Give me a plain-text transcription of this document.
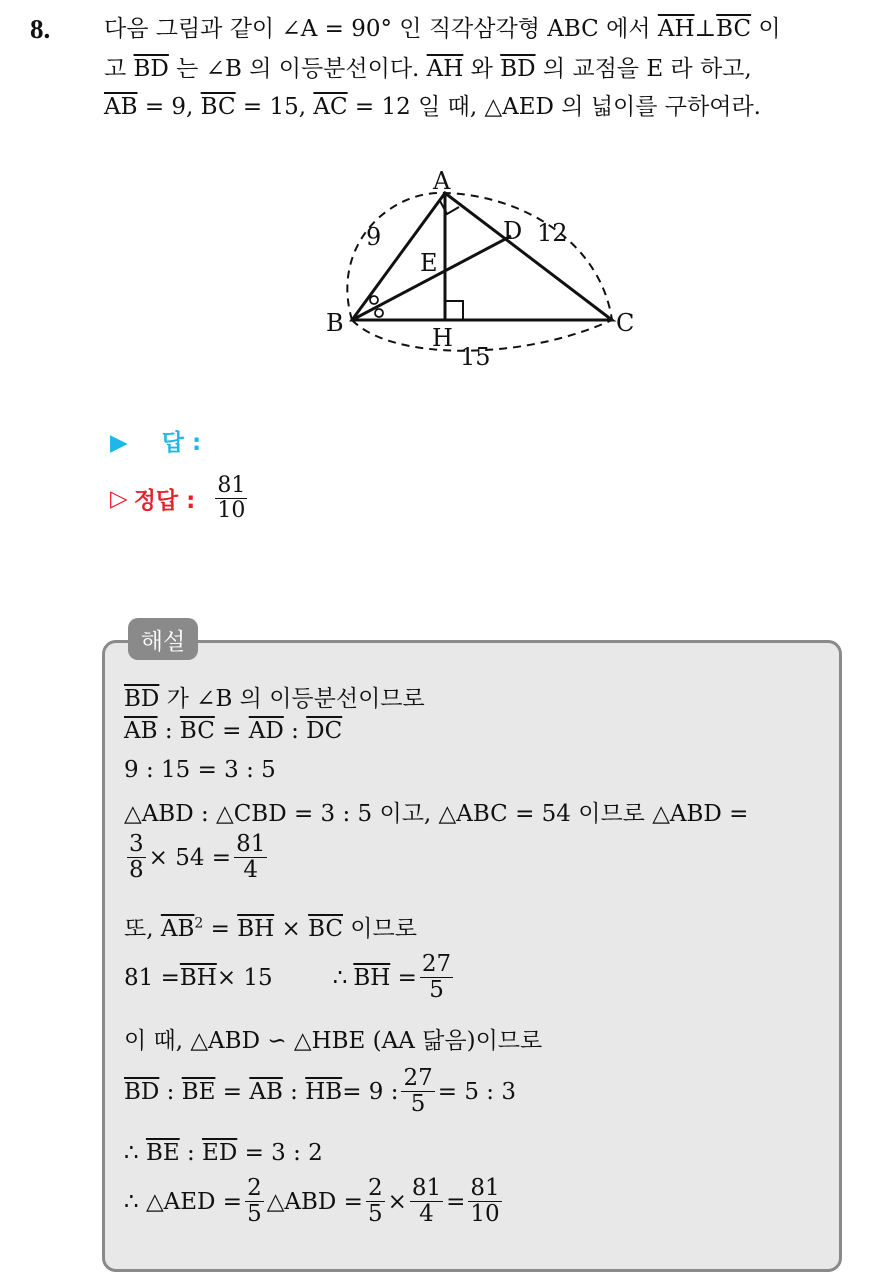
8. 다음 그림과 같이 ∠A = 90° 인 직각삼각형 ABC 에서 $\overline{AH}\perp\overline{BC}$ 이
고 $\overline{BD}$ 는 ∠B 의 이등분선이다. $\overline{AH}$ 와 $\overline{BD}$ 의 교점을 E 라 하고,
$\overline{AB} = 9$, $\overline{BC} = 15$, $\overline{AC} = 12$ 일 때, △AED 의 넓이를 구하여라.
A
B	C
D
E
H
9	12
15
▶ 답 :
▷ 정답 : $\frac{81}{10}$
해설
$\overline{BD}$ 가 ∠B 의 이등분선이므로
$\overline{AB}$ : $\overline{BC} = \overline{AD}$ : $\overline{DC}$
9 : 15 = 3 : 5
△ABD : △CBD = 3 : 5 이고, △ABC = 54 이므로 △ABD =
$\frac{3}{8} \times 54 = \frac{81}{4}$
또, $\overline{AB}^2 = \overline{BH} \times \overline{BC}$ 이므로
$81 = \overline{BH} \times 15$	∴ $\overline{BH} = \frac{27}{5}$
이 때, △ABD ∽ △HBE (AA 닮음)이므로
$\overline{BD}$ : $\overline{BE} = \overline{AB}$ : $\overline{HB} = 9$ : $\frac{27}{5} = 5$ : 3
∴ $\overline{BE}$ : $\overline{ED} = 3$ : 2
∴ △AED = $\frac{2}{5}$ △ABD = $\frac{2}{5} \times \frac{81}{4} = \frac{81}{10}$
